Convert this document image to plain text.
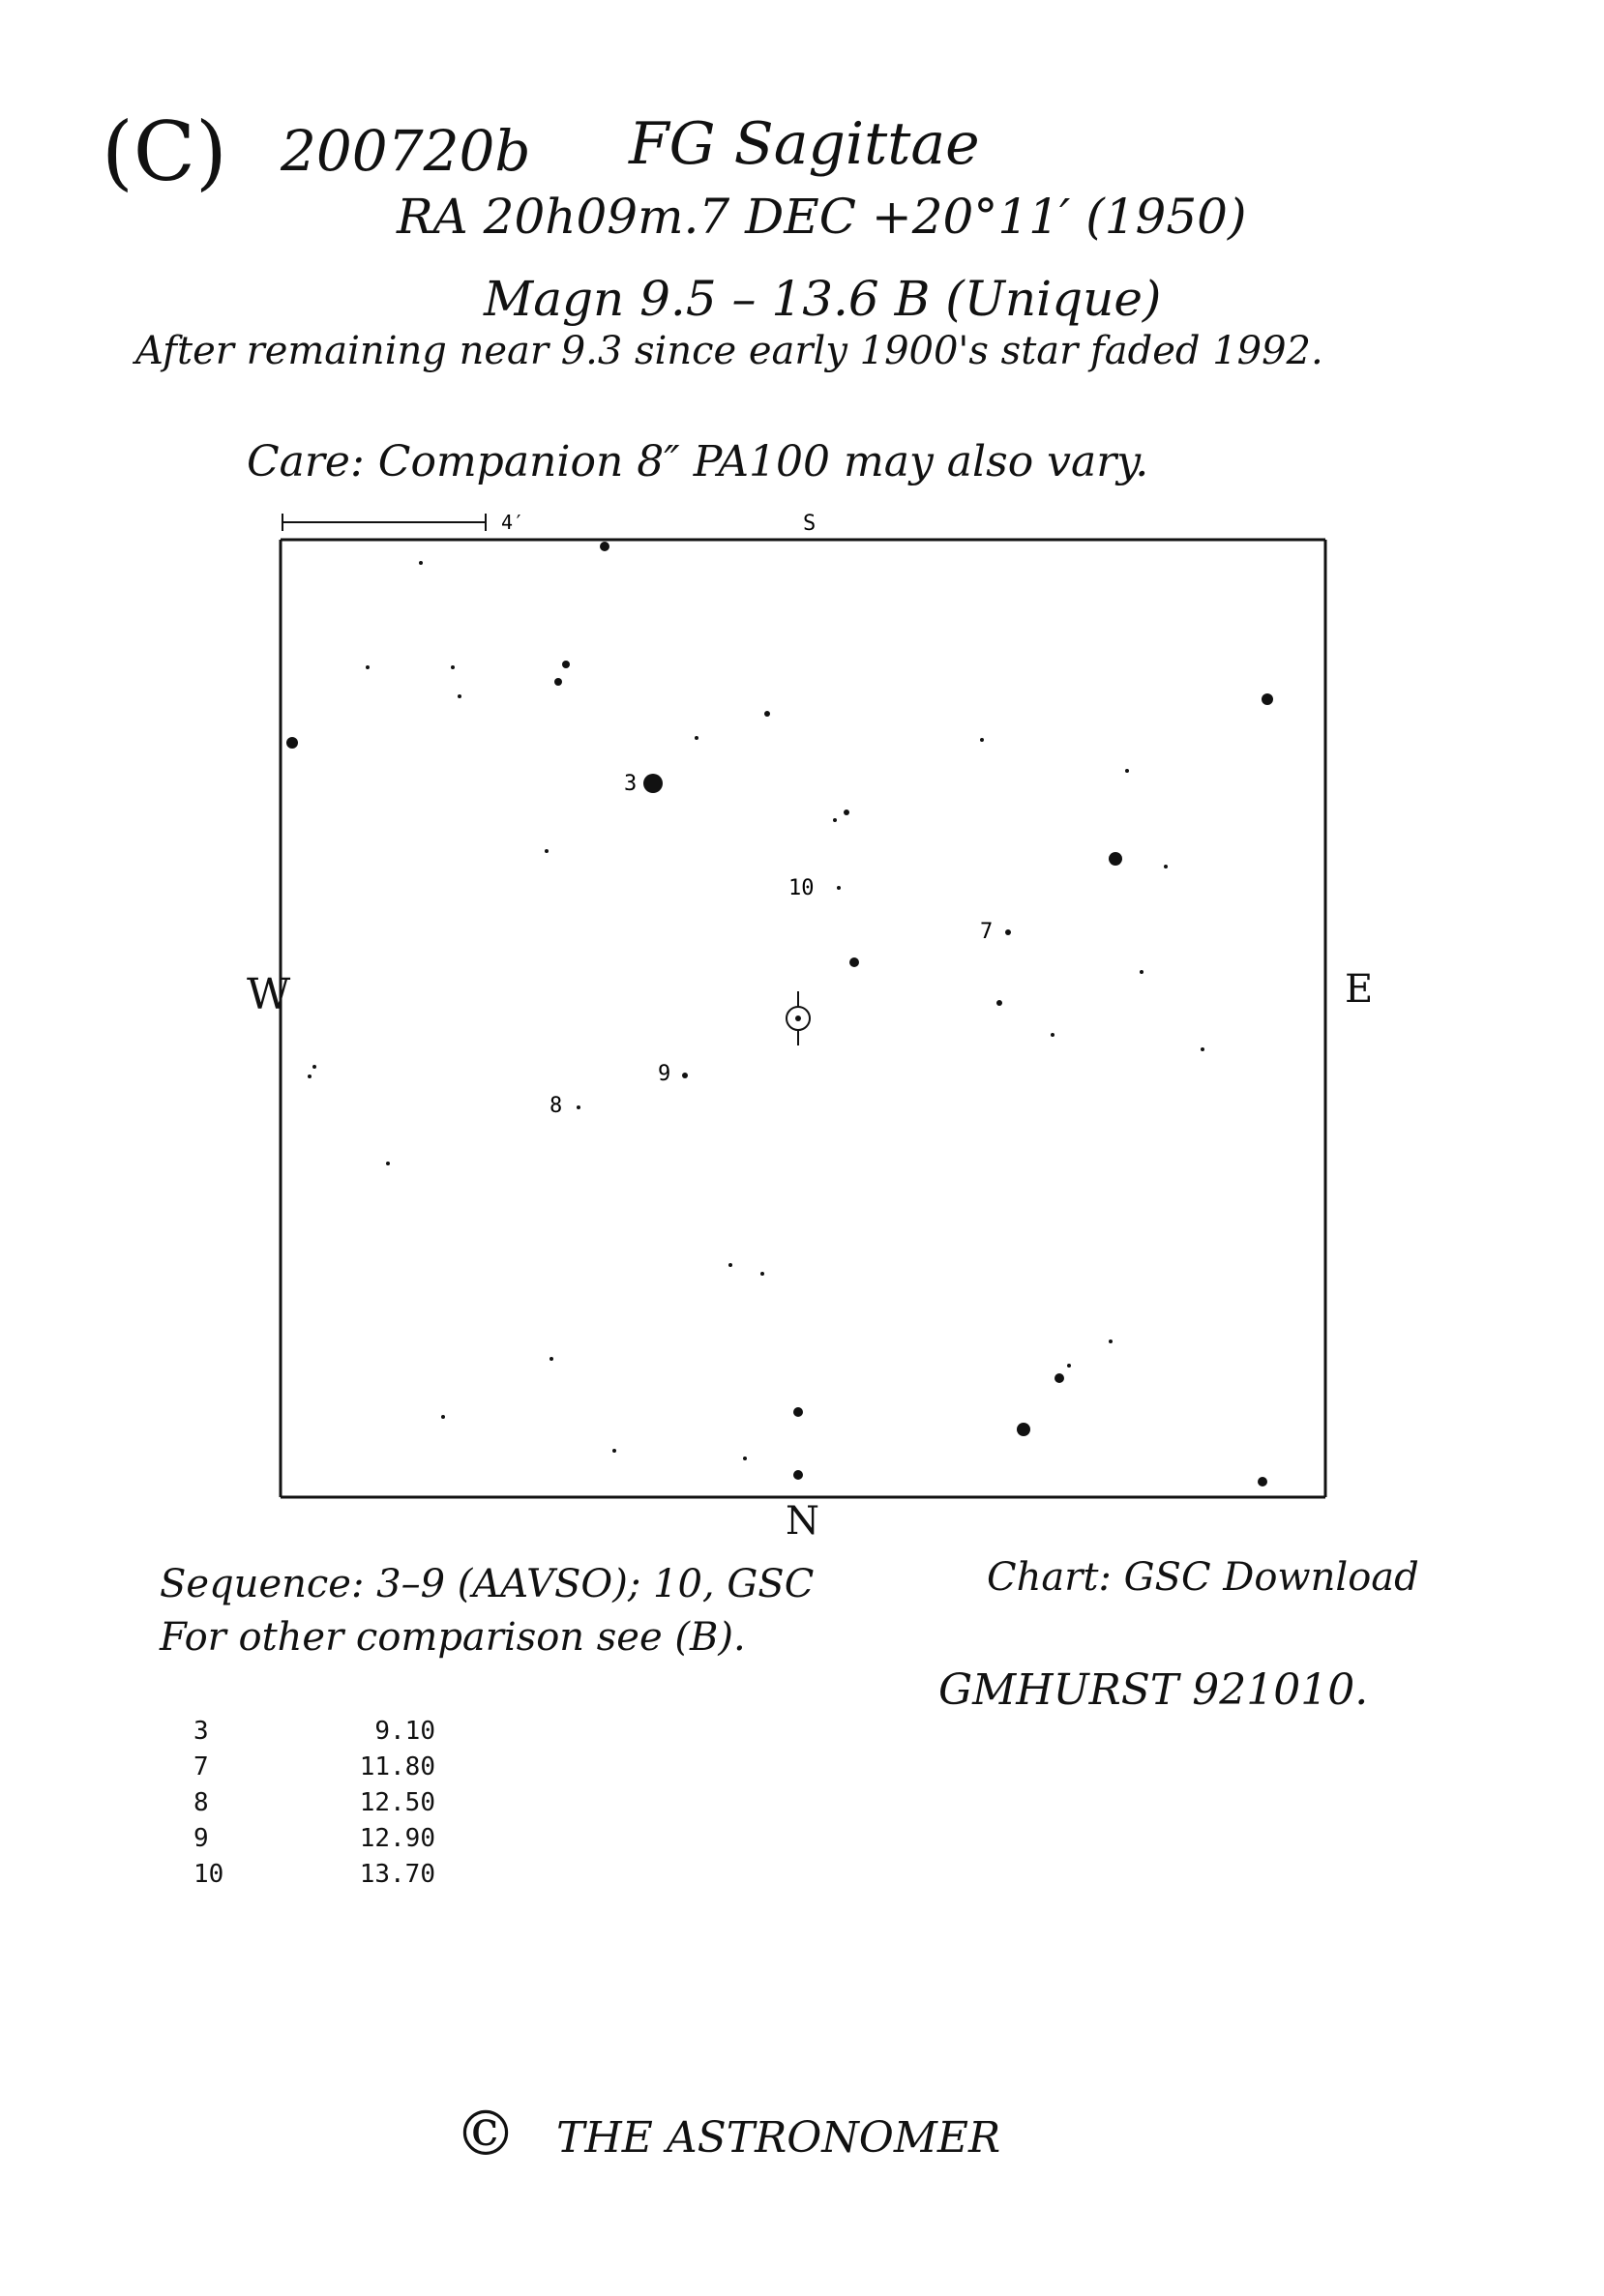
(C) 200720b FG Sagittae
RA 20h09m.7 DEC +20°11′ (1950)
Magn 9.5 – 13.6 B (Unique)
After remaining near 9.3 since early 1900's star faded 1992.
Care: Companion 8″ PA100 may also vary.
4′	S
3
10
7
9
8
W	E
N
Sequence: 3–9 (AAVSO); 10, GSC
For other comparison see (B).
Chart: GSC Download
GMHURST 921010.
3	9.10
7	11.80
8	12.50
9	12.90
10	13.70
© THE ASTRONOMER
